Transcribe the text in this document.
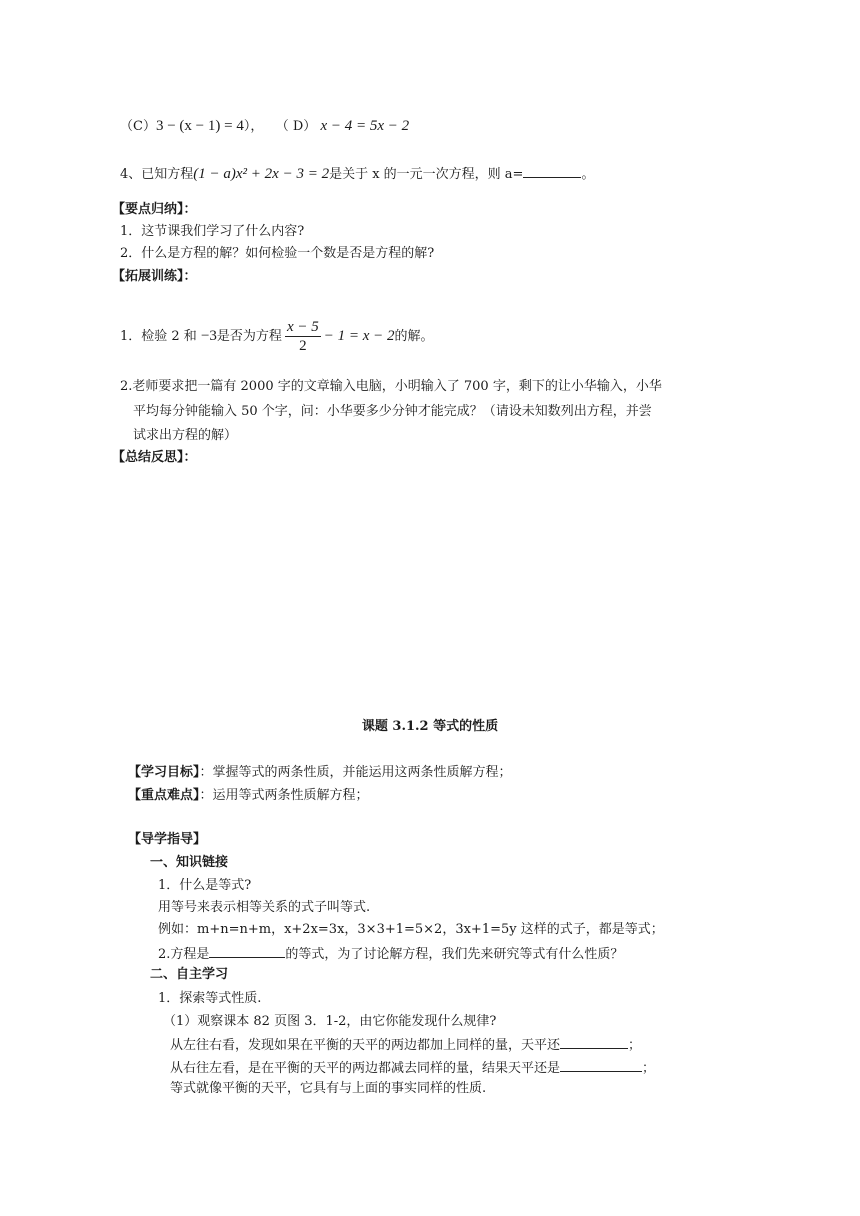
（C）3 − (x − 1) = 4）， （ D） x − 4 = 5x − 2
4、已知方程(1 − a)x² + 2x − 3 = 2是关于 x 的一元一次方程，则 a=	。
【要点归纳】：
1．这节课我们学习了什么内容?
2．什么是方程的解？如何检验一个数是否是方程的解?
【拓展训练】：
1．检验 2 和 −3是否为方程 $\frac{x - 5}{2} - 1 = x - 2$的解。
2.老师要求把一篇有 2000 字的文章输入电脑，小明输入了 700 字，剩下的让小华输入，小华
平均每分钟能输入 50 个字，问：小华要多少分钟才能完成？（请设未知数列出方程，并尝
试求出方程的解）
【总结反思】：
课题 3.1.2 等式的性质
【学习目标】：掌握等式的两条性质，并能运用这两条性质解方程；
【重点难点】：运用等式两条性质解方程；
【导学指导】
一、知识链接
1．什么是等式?
用等号来表示相等关系的式子叫等式.
例如：m+n=n+m，x+2x=3x，3×3+1=5×2，3x+1=5y 这样的式子，都是等式；
2.方程是	的等式，为了讨论解方程，我们先来研究等式有什么性质？
二、自主学习
1．探索等式性质.
（1）观察课本 82 页图 3．1-2，由它你能发现什么规律?
从左往右看，发现如果在平衡的天平的两边都加上同样的量，天平还	；
从右往左看，是在平衡的天平的两边都减去同样的量，结果天平还是	；
等式就像平衡的天平，它具有与上面的事实同样的性质.
